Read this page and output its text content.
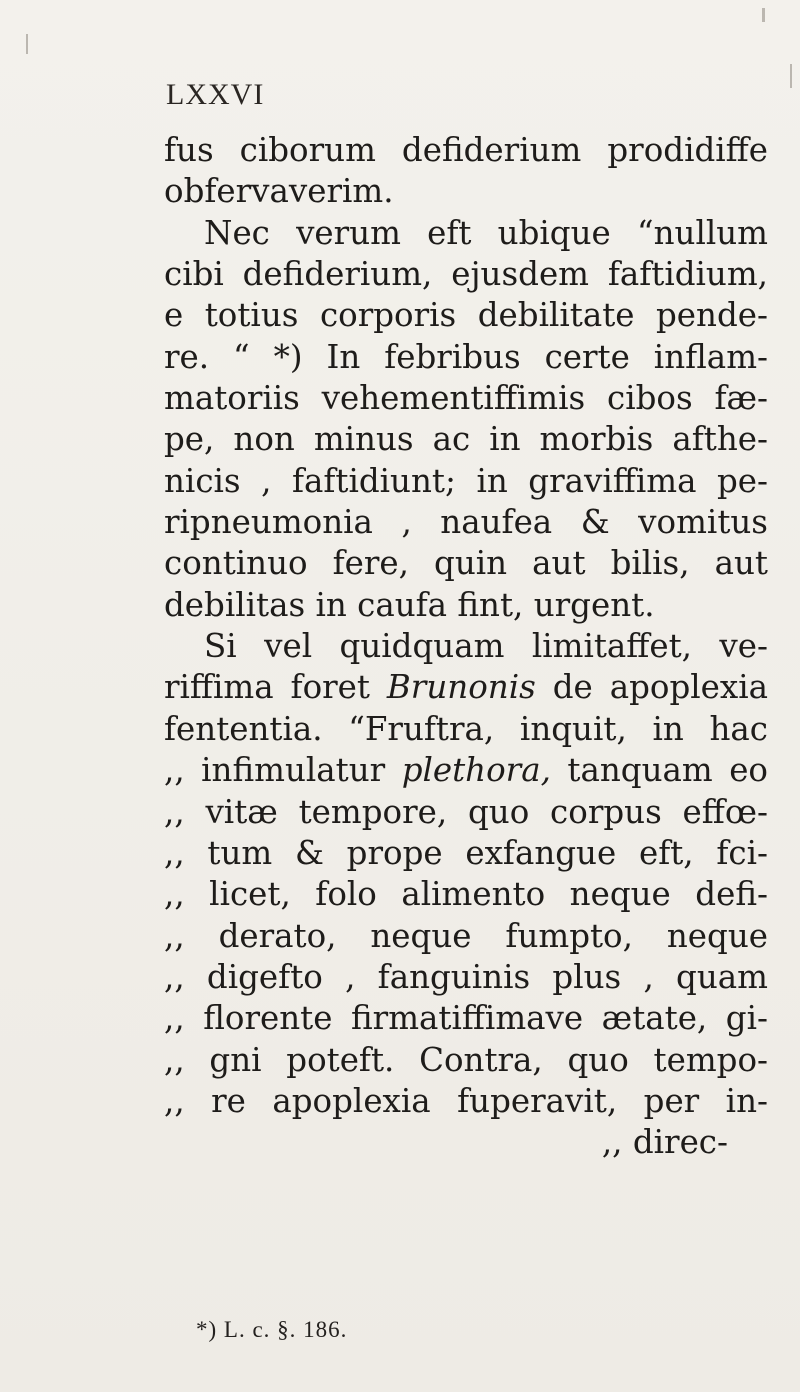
LXXVI
fus ciborum defiderium prodidiffe
obfervaverim.
Nec verum eft ubique “nullum
cibi defiderium, ejusdem faftidium,
e totius corporis debilitate pende-
re. “ *) In febribus certe inflam-
matoriis vehementiffimis cibos fæ-
pe, non minus ac in morbis afthe-
nicis , faftidiunt; in graviffima pe-
ripneumonia , naufea & vomitus
continuo fere, quin aut bilis, aut
debilitas in caufa fint, urgent.
Si vel quidquam limitaffet, ve-
riffima foret Brunonis de apoplexia
fententia. “Fruftra, inquit, in hac
,, infimulatur plethora, tanquam eo
,, vitæ tempore, quo corpus effœ-
,, tum & prope exfangue eft, fci-
,, licet, folo alimento neque defi-
,, derato, neque fumpto, neque
,, digefto , fanguinis plus , quam
,, florente firmatiffimave ætate, gi-
,, gni poteft. Contra, quo tempo-
,, re apoplexia fuperavit, per in-
,, direc-
*) L. c. §. 186.
